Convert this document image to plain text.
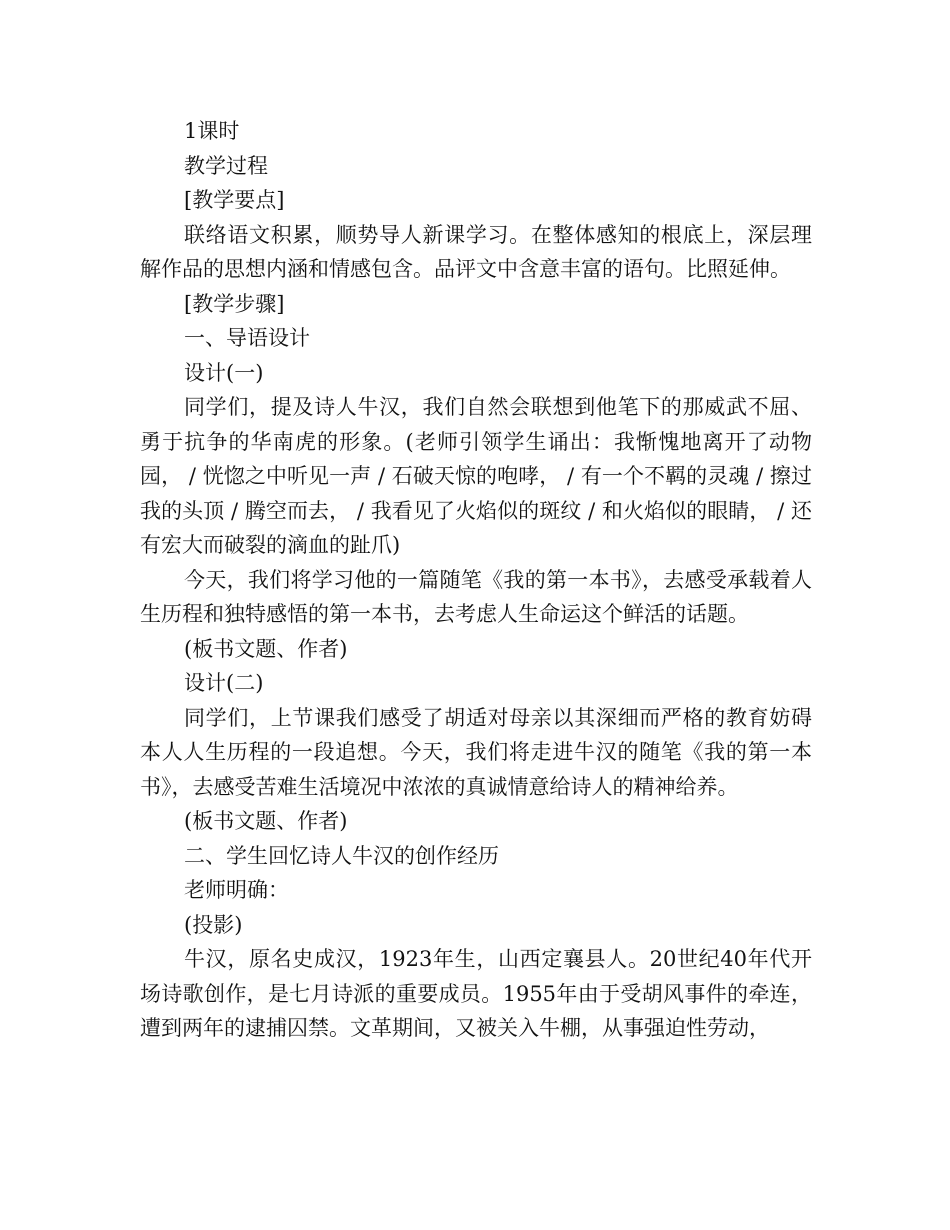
1课时

教学过程

[教学要点]

联络语文积累，顺势导人新课学习。在整体感知的根底上，深层理解作品的思想内涵和情感包含。品评文中含意丰富的语句。比照延伸。

[教学步骤]

一、导语设计

设计(一)

同学们，提及诗人牛汉，我们自然会联想到他笔下的那威武不屈、勇于抗争的华南虎的形象。(老师引领学生诵出：我惭愧地离开了动物园， / 恍惚之中听见一声 / 石破天惊的咆哮， / 有一个不羁的灵魂 / 擦过我的头顶 / 腾空而去， / 我看见了火焰似的斑纹 / 和火焰似的眼睛， / 还有宏大而破裂的滴血的趾爪)

今天，我们将学习他的一篇随笔《我的第一本书》，去感受承载着人生历程和独特感悟的第一本书，去考虑人生命运这个鲜活的话题。

(板书文题、作者)

设计(二)

同学们，上节课我们感受了胡适对母亲以其深细而严格的教育妨碍本人人生历程的一段追想。今天，我们将走进牛汉的随笔《我的第一本书》，去感受苦难生活境况中浓浓的真诚情意给诗人的精神给养。

(板书文题、作者)

二、学生回忆诗人牛汉的创作经历

老师明确：

(投影)

牛汉，原名史成汉，1923年生，山西定襄县人。20世纪40年代开场诗歌创作，是七月诗派的重要成员。1955年由于受胡风事件的牵连，遭到两年的逮捕囚禁。文革期间，又被关入牛棚，从事强迫性劳动，
